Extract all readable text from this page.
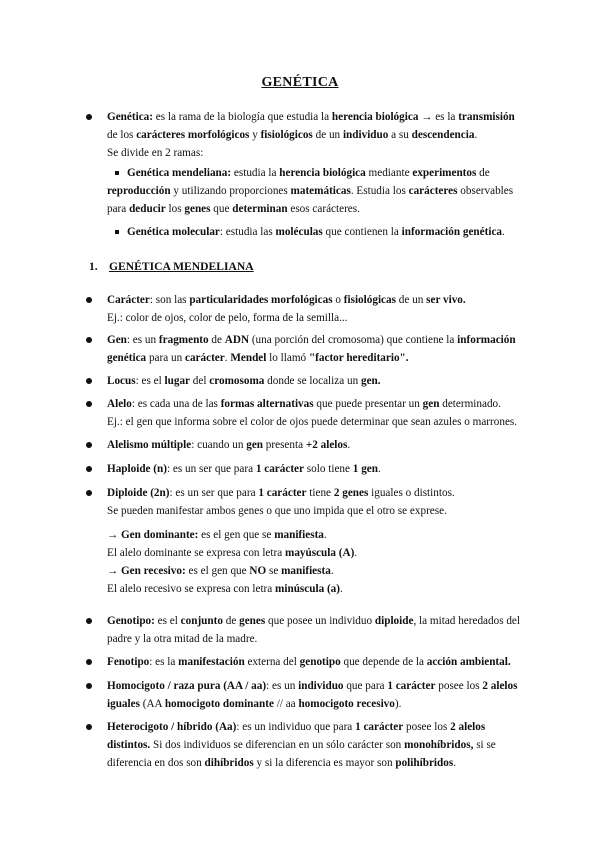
GENÉTICA
Genética: es la rama de la biología que estudia la herencia biológica → es la transmisión de los carácteres morfológicos y fisiológicos de un individuo a su descendencia.
Se divide en 2 ramas:
Genética mendeliana: estudia la herencia biológica mediante experimentos de reproducción y utilizando proporciones matemáticas. Estudia los carácteres observables para deducir los genes que determinan esos carácteres.
Genética molecular: estudia las moléculas que contienen la información genética.
1. GENÉTICA MENDELIANA
Carácter: son las particularidades morfológicas o fisiológicas de un ser vivo.
Ej.: color de ojos, color de pelo, forma de la semilla...
Gen: es un fragmento de ADN (una porción del cromosoma) que contiene la información genética para un carácter. Mendel lo llamó "factor hereditario".
Locus: es el lugar del cromosoma donde se localiza un gen.
Alelo: es cada una de las formas alternativas que puede presentar un gen determinado.
Ej.: el gen que informa sobre el color de ojos puede determinar que sean azules o marrones.
Alelismo múltiple: cuando un gen presenta +2 alelos.
Haploide (n): es un ser que para 1 carácter solo tiene 1 gen.
Diploide (2n): es un ser que para 1 carácter tiene 2 genes iguales o distintos.
Se pueden manifestar ambos genes o que uno impida que el otro se exprese.
→ Gen dominante: es el gen que se manifiesta.
El alelo dominante se expresa con letra mayúscula (A).
→ Gen recesivo: es el gen que NO se manifiesta.
El alelo recesivo se expresa con letra minúscula (a).
Genotipo: es el conjunto de genes que posee un individuo diploide, la mitad heredados del padre y la otra mitad de la madre.
Fenotipo: es la manifestación externa del genotipo que depende de la acción ambiental.
Homocigoto / raza pura (AA / aa): es un individuo que para 1 carácter posee los 2 alelos iguales (AA homocigoto dominante // aa homocigoto recesivo).
Heterocigoto / híbrido (Aa): es un individuo que para 1 carácter posee los 2 alelos distintos. Si dos individuos se diferencian en un sólo carácter son monohíbridos, si se diferencia en dos son dihíbridos y si la diferencia es mayor son polihíbridos.
